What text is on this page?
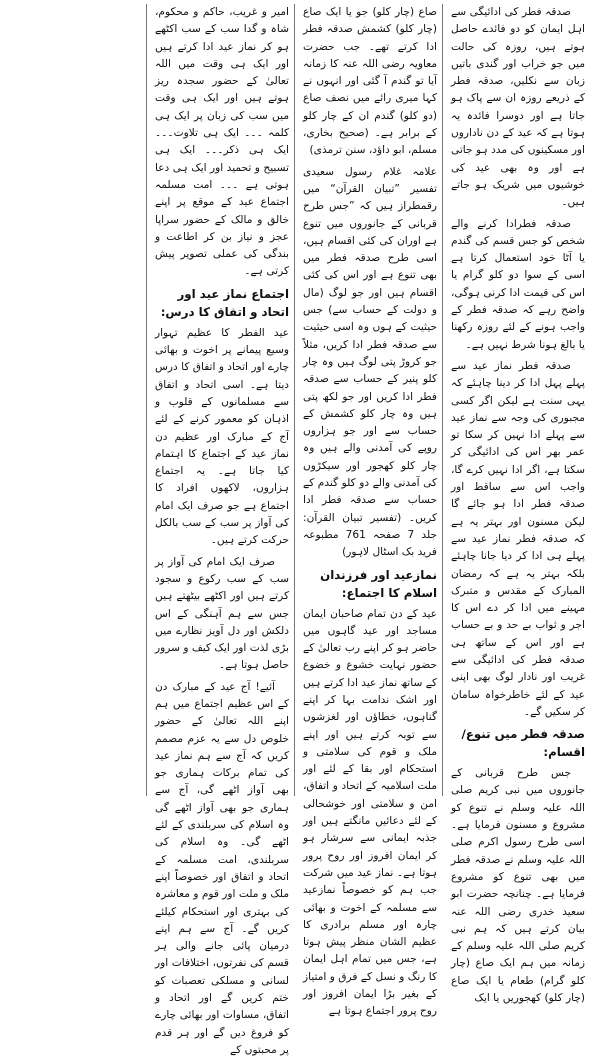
صدقہ فطر کی ادائیگی سے اہل ایمان کو دو فائدے حاصل ہوتے ہیں، روزہ کی حالت میں جو خراب اور گندی باتیں زبان سے نکلیں، صدقہ فطر کے ذریعے روزہ ان سے پاک ہو جاتا ہے اور دوسرا فائدہ یہ ہوتا ہے کہ عید کے دن ناداروں اور مسکینوں کی مدد ہو جاتی ہے اور وہ بھی عید کی خوشیوں میں شریک ہو جاتے ہیں۔

صدقہ فطرادا کرنے والے شخص کو جس قسم کی گندم یا آٹا خود استعمال کرتا ہے اسی کے سوا دو کلو گرام یا اس کی قیمت ادا کرنی ہوگی، واضح رہے کہ صدقہ فطر کے واجب ہونے کے لئے روزہ رکھنا یا بالغ ہونا شرط نہیں ہے۔

صدقہ فطر نماز عید سے پہلے پہل ادا کر دینا چاہئے کہ یہی سنت ہے لیکن اگر کسی مجبوری کی وجہ سے نماز عید سے پہلے ادا نہیں کر سکا تو عمر بھر اس کی ادائیگی کر سکتا ہے، اگر ادا نہیں کرے گا، واجب اس سے ساقط اور صدقہ فطر ادا ہو جائے گا لیکن مسنون اور بہتر یہ ہے کہ صدقہ فطر نماز عید سے پہلے ہی ادا کر دیا جانا چاہئے بلکہ بہتر یہ ہے کہ رمضان المبارک کے مقدس و متبرک مہینے میں ادا کر دے اس کا اجر و ثواب بے حد و بے حساب ہے اور اس کے ساتھ ہی صدقہ فطر کی ادائیگی سے غریب اور نادار لوگ بھی اپنی عید کے لئے خاطرخواہ سامان کر سکیں گے۔

صدقہ فطر میں تنوع/اقسام:

جس طرح قربانی کے جانوروں میں نبی کریم صلی اللہ علیہ وسلم نے تنوع کو مشروع و مسنون فرمایا ہے۔ اسی طرح رسول اکرم صلی اللہ علیہ وسلم نے صدقہ فطر میں بھی تنوع کو مشروع فرمایا ہے۔ چنانچہ حضرت ابو سعید خدری رضی اللہ عنہ بیان کرتے ہیں کہ ہم نبی کریم صلی اللہ علیہ وسلم کے زمانہ میں ہم ایک صاع (چار کلو گرام) طعام یا ایک صاع (چار کلو) کھجوریں یا ایک

صاع (چار کلو) جو یا ایک صاع (چار کلو) کشمش صدقہ فطر ادا کرتے تھے۔ جب حضرت معاویہ رضی اللہ عنہ کا زمانہ آیا تو گندم آ گئی اور انہوں نے کہا میری رائے میں نصف صاع (دو کلو) گندم ان کے چار کلو کے برابر ہے۔ (صحیح بخاری، مسلم، ابو داؤد، سنن ترمذی)

علامہ غلام رسول سعیدی تفسیر ”تبیان القرآن“ میں رقمطراز ہیں کہ ”جس طرح قربانی کے جانوروں میں تنوع ہے اوران کی کئی اقسام ہیں، اسی طرح صدقہ فطر میں بھی تنوع ہے اور اس کی کئی اقسام ہیں اور جو لوگ (مال و دولت کے حساب سے) جس حیثیت کے ہوں وہ اسی حیثیت سے صدقہ فطر ادا کریں، مثلاً جو کروڑ پتی لوگ ہیں وہ چار کلو پنیر کے حساب سے صدقہ فطر ادا کریں اور جو لکھ پتی ہیں وہ چار کلو کشمش کے حساب سے اور جو ہزاروں روپے کی آمدنی والے ہیں وہ چار کلو کھجور اور سیکڑوں کی آمدنی والے دو کلو گندم کے حساب سے صدقہ فطر ادا کریں۔ (تفسیر تبیان القرآن: جلد 7 صفحہ 761 مطبوعہ فرید بک اسٹال لاہور)

نمازعید اور فرزندان اسلام کا اجتماع:

عید کے دن تمام صاحبان ایمان مساجد اور عید گاہوں میں حاضر ہو کر اپنے رب تعالیٰ کے حضور نہایت خشوع و خضوع کے ساتھ نماز عید ادا کرتے ہیں اور اشک ندامت بہا کر اپنے گناہوں، خطاؤں اور لغزشوں سے توبہ کرتے ہیں اور اپنے ملک و قوم کی سلامتی و استحکام اور بقا کے لئے اور ملت اسلامیہ کے اتحاد و اتفاق، امن و سلامتی اور خوشحالی کے لئے دعائیں مانگتے ہیں اور جذبہ ایمانی سے سرشار ہو کر ایمان افروز اور روح پرور ہوتا ہے۔ نماز عید میں شرکت جب ہم کو خصوصاً نمازعید سے مسلمہ کے اخوت و بھائی چارہ اور مسلم برادری کا عظیم الشان منظر پیش ہوتا ہے، جس میں تمام اہل ایمان کا رنگ و نسل کے فرق و امتیاز کے بغیر بڑا ایمان افروز اور روح پرور اجتماع ہوتا ہے

امیر و غریب، حاکم و محکوم، شاہ و گدا سب کے سب اکٹھے ہو کر نماز عید ادا کرتے ہیں اور ایک ہی وقت میں اللہ تعالیٰ کے حضور سجدہ ریز ہوتے ہیں اور ایک ہی وقت میں سب کی زبان پر ایک ہی کلمہ ۔۔۔ ایک ہی تلاوت۔۔۔ ایک ہی ذکر۔۔۔ ایک ہی تسبیح و تحمید اور ایک ہی دعا ہوتی ہے ۔۔۔ امت مسلمہ اجتماع عید کے موقع پر اپنے خالق و مالک کے حضور سراپا عجز و نیاز بن کر اطاعت و بندگی کی عملی تصویر پیش کرتی ہے۔

اجتماع نماز عید اور اتحاد و اتفاق کا درس:

عید الفطر کا عظیم تہوار وسیع پیمانے پر اخوت و بھائی چارے اور اتحاد و اتفاق کا درس دیتا ہے۔ اسی اتحاد و اتفاق سے مسلمانوں کے قلوب و اذہان کو معمور کرنے کے لئے آج کے مبارک اور عظیم دن نماز عید کے اجتماع کا اہتمام کیا جاتا ہے۔ یہ اجتماع ہزاروں، لاکھوں افراد کا اجتماع ہے جو صرف ایک امام کی آواز پر سب کے سب بالکل حرکت کرتے ہیں۔

صرف ایک امام کی آواز پر سب کے سب رکوع و سجود کرتے ہیں اور اکٹھے بیٹھتے ہیں جس سے ہم آہنگی کے اس دلکش اور دل آویز نظارے میں بڑی لذت اور ایک کیف و سرور حاصل ہوتا ہے۔

آئیے! آج عید کے مبارک دن کے اس عظیم اجتماع میں ہم اپنے اللہ تعالیٰ کے حضور خلوص دل سے یہ عزم مصمم کریں کہ آج سے ہم نماز عید کی تمام برکات ہماری جو بھی آواز اٹھے گی، آج سے ہماری جو بھی آواز اٹھے گی وہ اسلام کی سربلندی کے لئے اٹھے گی۔ وہ اسلام کی سربلندی، امت مسلمہ کے اتحاد و اتفاق اور خصوصاً اپنے ملک و ملت اور قوم و معاشرہ کی بہتری اور استحکام کیلئے کریں گے۔ آج سے ہم اپنے درمیان پائی جانے والی ہر قسم کی نفرتوں، اختلافات اور لسانی و مسلکی تعصبات کو ختم کریں گے اور اتحاد و اتفاق، مساوات اور بھائی چارے کو فروغ دیں گے اور ہر قدم پر محبتوں کے
